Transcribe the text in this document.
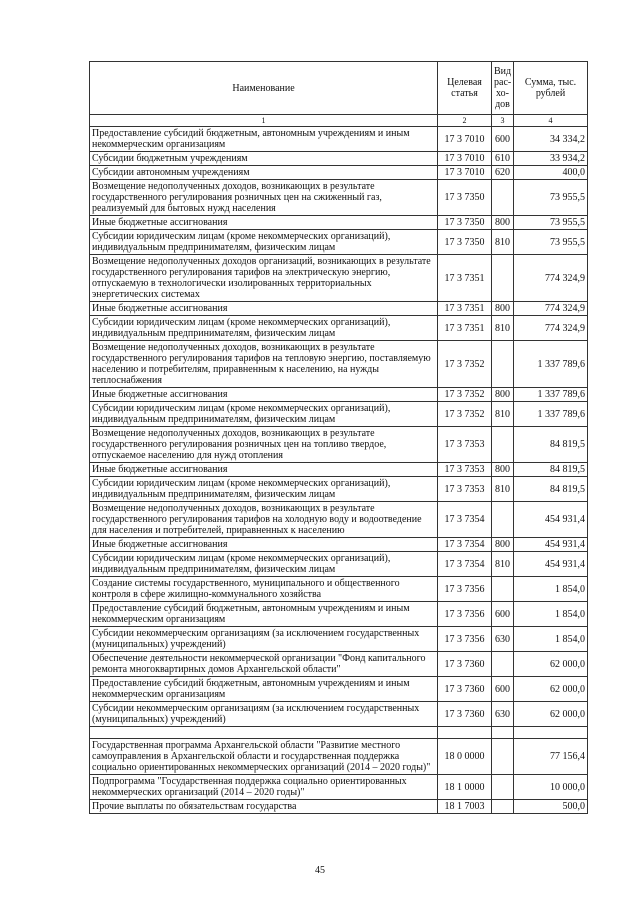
Наименование	Целевая статья	Вид рас-хо-дов	Сумма, тыс. рублей
1	2	3	4
Предоставление субсидий бюджетным, автономным учреждениям и иным некоммерческим организациям	17 3 7010	600	34 334,2
Субсидии бюджетным учреждениям	17 3 7010	610	33 934,2
Субсидии автономным учреждениям	17 3 7010	620	400,0
Возмещение недополученных доходов, возникающих в результате государственного регулирования розничных цен на сжиженный газ, реализуемый для бытовых нужд населения	17 3 7350		73 955,5
Иные бюджетные ассигнования	17 3 7350	800	73 955,5
Субсидии юридическим лицам (кроме некоммерческих организаций), индивидуальным предпринимателям, физическим лицам	17 3 7350	810	73 955,5
Возмещение недополученных доходов организаций, возникающих в результате государственного регулирования тарифов на электрическую энергию, отпускаемую в технологически изолированных территориальных энергетических системах	17 3 7351		774 324,9
Иные бюджетные ассигнования	17 3 7351	800	774 324,9
Субсидии юридическим лицам (кроме некоммерческих организаций), индивидуальным предпринимателям, физическим лицам	17 3 7351	810	774 324,9
Возмещение недополученных доходов, возникающих в результате государственного регулирования тарифов на тепловую энергию, поставляемую населению и потребителям, приравненным к населению, на нужды теплоснабжения	17 3 7352		1 337 789,6
Иные бюджетные ассигнования	17 3 7352	800	1 337 789,6
Субсидии юридическим лицам (кроме некоммерческих организаций), индивидуальным предпринимателям, физическим лицам	17 3 7352	810	1 337 789,6
Возмещение недополученных доходов, возникающих в результате государственного регулирования розничных цен на топливо твердое, отпускаемое населению для нужд отопления	17 3 7353		84 819,5
Иные бюджетные ассигнования	17 3 7353	800	84 819,5
Субсидии юридическим лицам (кроме некоммерческих организаций), индивидуальным предпринимателям, физическим лицам	17 3 7353	810	84 819,5
Возмещение недополученных доходов, возникающих в результате государственного регулирования тарифов на холодную воду и водоотведение для населения и потребителей, приравненных к населению	17 3 7354		454 931,4
Иные бюджетные ассигнования	17 3 7354	800	454 931,4
Субсидии юридическим лицам (кроме некоммерческих организаций), индивидуальным предпринимателям, физическим лицам	17 3 7354	810	454 931,4
Создание системы государственного, муниципального и общественного контроля в сфере жилищно-коммунального хозяйства	17 3 7356		1 854,0
Предоставление субсидий бюджетным, автономным учреждениям и иным некоммерческим организациям	17 3 7356	600	1 854,0
Субсидии некоммерческим организациям (за исключением государственных (муниципальных) учреждений)	17 3 7356	630	1 854,0
Обеспечение деятельности некоммерческой организации "Фонд капитального ремонта многоквартирных домов Архангельской области"	17 3 7360		62 000,0
Предоставление субсидий бюджетным, автономным учреждениям и иным некоммерческим организациям	17 3 7360	600	62 000,0
Субсидии некоммерческим организациям (за исключением государственных (муниципальных) учреждений)	17 3 7360	630	62 000,0

Государственная программа Архангельской области "Развитие местного самоуправления в Архангельской области и государственная поддержка социально ориентированных некоммерческих организаций (2014 – 2020 годы)"	18 0 0000		77 156,4
Подпрограмма "Государственная поддержка социально ориентированных некоммерческих организаций (2014 – 2020 годы)"	18 1 0000		10 000,0
Прочие выплаты по обязательствам государства	18 1 7003		500,0
45
